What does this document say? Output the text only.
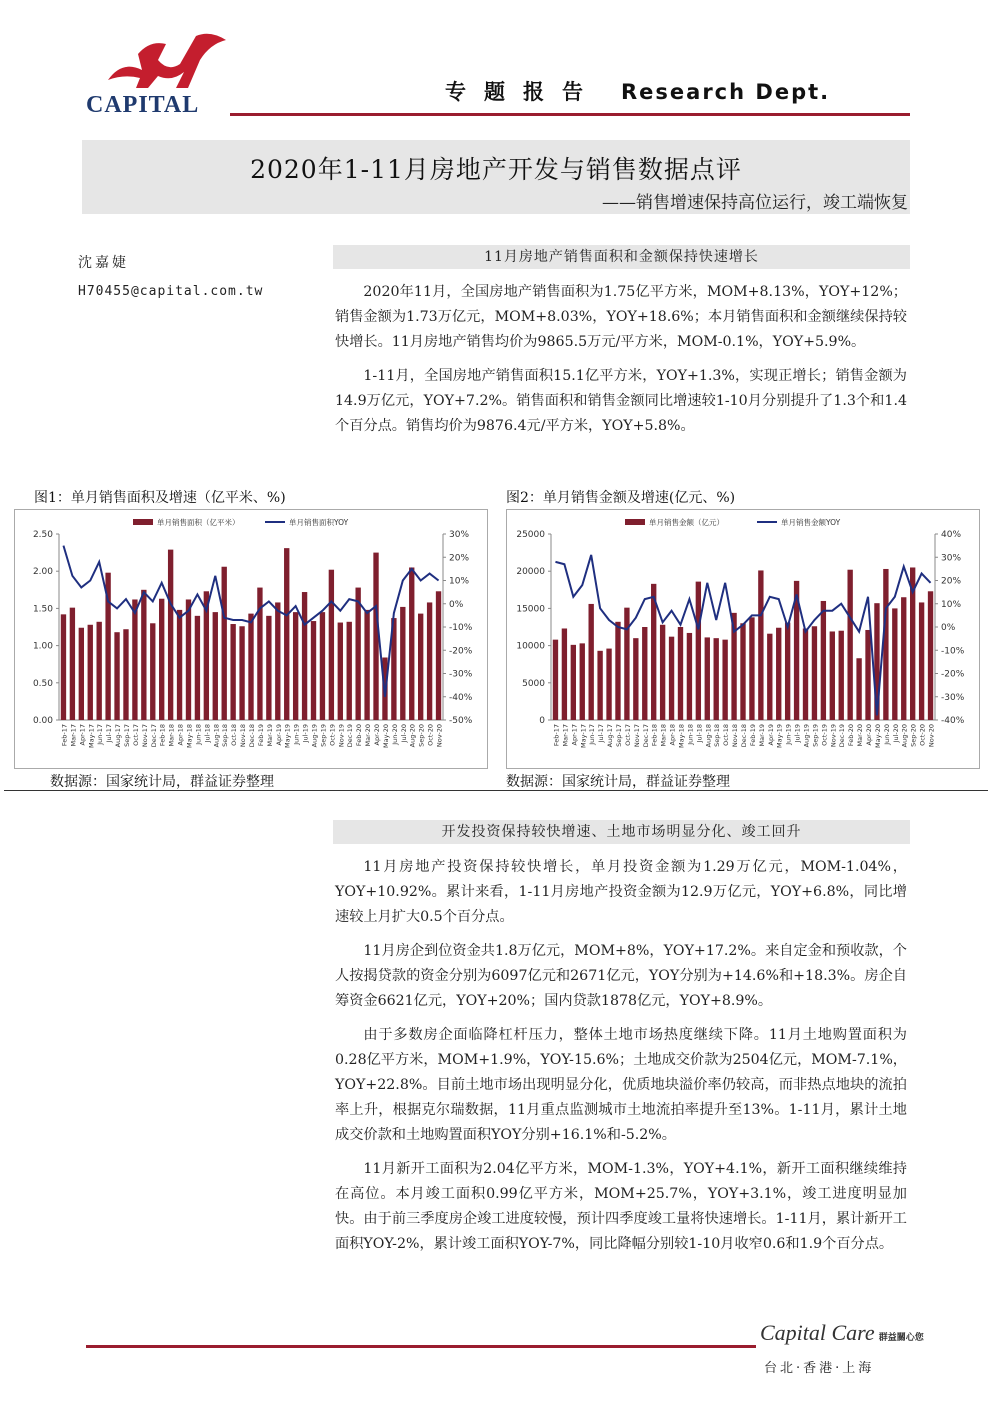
CAPITAL	专题报告 Research Dept.
2020年1-11月房地产开发与销售数据点评
——销售增速保持高位运行，竣工端恢复
沈嘉婕
H70455@capital.com.tw
11月房地产销售面积和金额保持快速增长

2020年11月，全国房地产销售面积为1.75亿平方米，MOM+8.13%，YOY+12%；销售金额为1.73万亿元，MOM+8.03%，YOY+18.6%；本月销售面积和金额继续保持较快增长。11月房地产销售均价为9865.5万元/平方米，MOM-0.1%，YOY+5.9%。

1-11月，全国房地产销售面积15.1亿平方米，YOY+1.3%，实现正增长；销售金额为14.9万亿元，YOY+7.2%。销售面积和销售金额同比增速较1-10月分别提升了1.3个和1.4个百分点。销售均价为9876.4元/平方米，YOY+5.8%。

图1：单月销售面积及增速（亿平米、%)	图2：单月销售金额及增速(亿元、%)
单月销售面积（亿平米）	单月销售面积YOY
0.00
0.50
1.00
1.50
2.00
2.50
-50%
-40%
-30%
-20%
-10%
0%
10%
20%
30%
Feb-17 Mar-17 Apr-17 May-17 Jun-17 Jul-17 Aug-17 Sep-17 Oct-17 Nov-17 Dec-17 Feb-18 Mar-18 Apr-18 May-18 Jun-18 Jul-18 Aug-18 Sep-18 Oct-18 Nov-18 Dec-18 Feb-19 Mar-19 Apr-19 May-19 Jun-19 Jul-19 Aug-19 Sep-19 Oct-19 Nov-19 Dec-19 Feb-20 Mar-20 Apr-20 May-20 Jun-20 Jul-20 Aug-20 Sep-20 Oct-20 Nov-20
单月销售金额（亿元）	单月销售金额YOY
0
5000
10000
15000
20000
25000
-40%
-30%
-20%
-10%
0%
10%
20%
30%
40%
Feb-17 Mar-17 Apr-17 May-17 Jun-17 Jul-17 Aug-17 Sep-17 Oct-17 Nov-17 Dec-17 Feb-18 Mar-18 Apr-18 May-18 Jun-18 Jul-18 Aug-18 Sep-18 Oct-18 Nov-18 Dec-18 Feb-19 Mar-19 Apr-19 May-19 Jun-19 Jul-19 Aug-19 Sep-19 Oct-19 Nov-19 Dec-19 Feb-20 Mar-20 Apr-20 May-20 Jun-20 Jul-20 Aug-20 Sep-20 Oct-20 Nov-20
数据源：国家统计局，群益证券整理	数据源：国家统计局，群益证券整理
开发投资保持较快增速、土地市场明显分化、竣工回升

11月房地产投资保持较快增长，单月投资金额为1.29万亿元，MOM-1.04%，YOY+10.92%。累计来看，1-11月房地产投资金额为12.9万亿元，YOY+6.8%，同比增速较上月扩大0.5个百分点。

11月房企到位资金共1.8万亿元，MOM+8%，YOY+17.2%。来自定金和预收款，个人按揭贷款的资金分别为6097亿元和2671亿元，YOY分别为+14.6%和+18.3%。房企自筹资金6621亿元，YOY+20%；国内贷款1878亿元，YOY+8.9%。

由于多数房企面临降杠杆压力，整体土地市场热度继续下降。11月土地购置面积为0.28亿平方米，MOM+1.9%，YOY-15.6%；土地成交价款为2504亿元，MOM-7.1%，YOY+22.8%。目前土地市场出现明显分化，优质地块溢价率仍较高，而非热点地块的流拍率上升，根据克尔瑞数据，11月重点监测城市土地流拍率提升至13%。1-11月，累计土地成交价款和土地购置面积YOY分别+16.1%和-5.2%。

11月新开工面积为2.04亿平方米，MOM-1.3%，YOY+4.1%，新开工面积继续维持在高位。本月竣工面积0.99亿平方米，MOM+25.7%，YOY+3.1%，竣工进度明显加快。由于前三季度房企竣工进度较慢，预计四季度竣工量将快速增长。1-11月，累计新开工面积YOY-2%，累计竣工面积YOY-7%，同比降幅分别较1-10月收窄0.6和1.9个百分点。

Capital Care 群益關心您
台北·香港·上海
